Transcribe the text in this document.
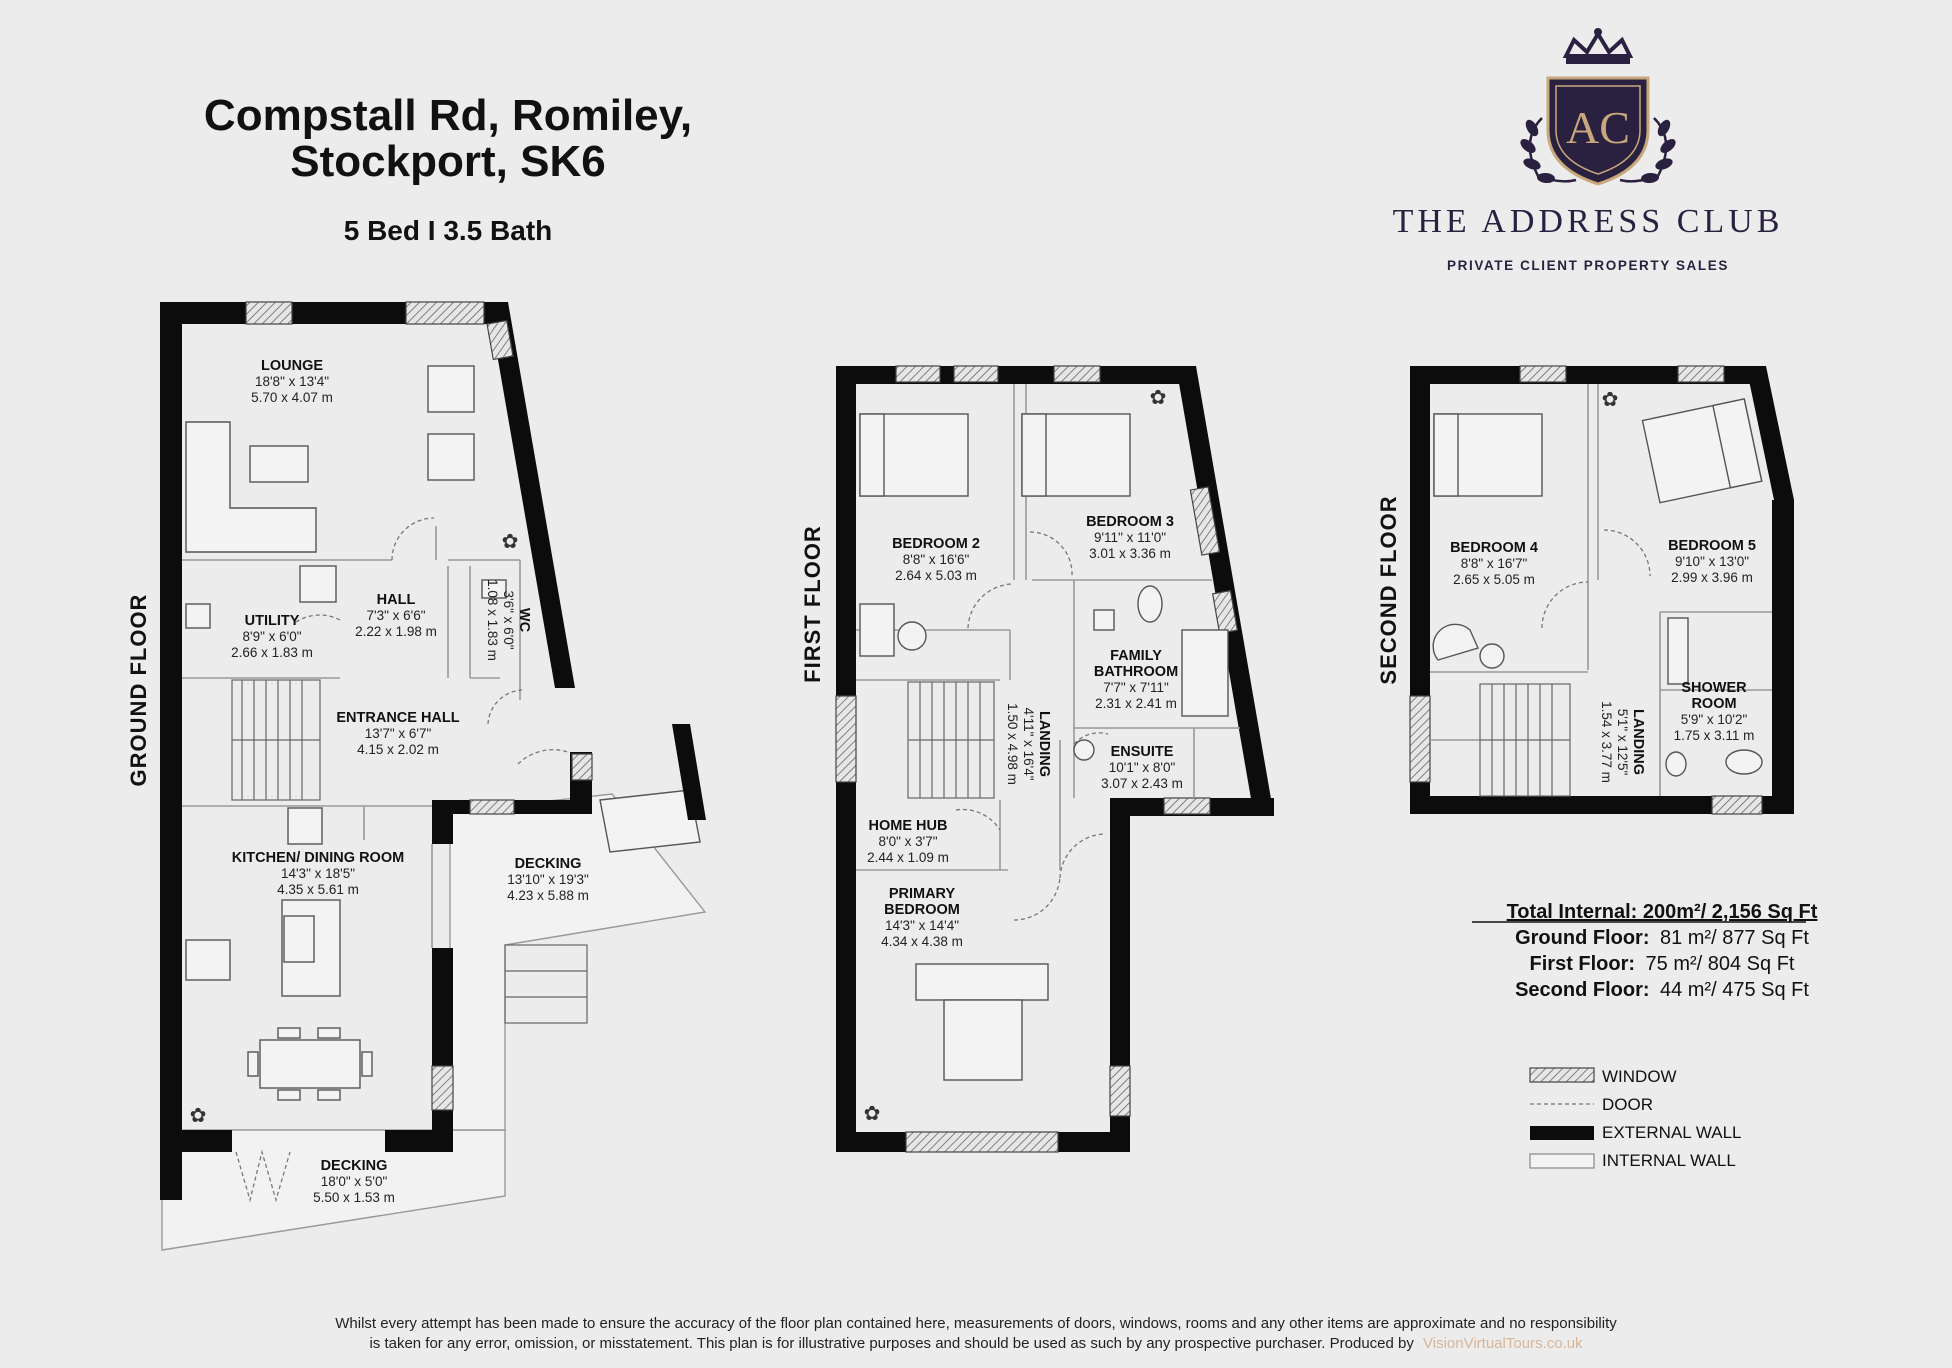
Compstall Rd, Romiley,
Stockport, SK6
5 Bed I 3.5 Bath
AC
THE ADDRESS CLUB
PRIVATE CLIENT PROPERTY SALES
GROUND FLOOR
✿
✿
LOUNGE
18'8" x 13'4"
5.70 x 4.07 m
UTILITY
8'9" x 6'0"
2.66 x 1.83 m
HALL
7'3" x 6'6"
2.22 x 1.98 m	WC
3'6" x 6'0"
1.08 x 1.83 m
ENTRANCE HALL
13'7" x 6'7"
4.15 x 2.02 m
KITCHEN/ DINING ROOM
14'3" x 18'5"
4.35 x 5.61 m
DECKING
13'10" x 19'3"
4.23 x 5.88 m
DECKING
18'0" x 5'0"
5.50 x 1.53 m
FIRST FLOOR
✿
✿
BEDROOM 2
8'8" x 16'6"
2.64 x 5.03 m
BEDROOM 3
9'11" x 11'0"
3.01 x 3.36 m
FAMILY
BATHROOM
7'7" x 7'11"
2.31 x 2.41 m
LANDING
4'11" x 16'4"
1.50 x 4.98 m	ENSUITE
10'1" x 8'0"
3.07 x 2.43 m
HOME HUB
8'0" x 3'7"
2.44 x 1.09 m
PRIMARY
BEDROOM
14'3" x 14'4"
4.34 x 4.38 m
SECOND FLOOR
✿
BEDROOM 4
8'8" x 16'7"
2.65 x 5.05 m
BEDROOM 5
9'10" x 13'0"
2.99 x 3.96 m
SHOWER
ROOM
5'9" x 10'2"
1.75 x 3.11 m
LANDING
5'1" x 12'5"
1.54 x 3.77 m
Total Internal: 200m²/ 2,156 Sq Ft
Ground Floor: 81 m²/ 877 Sq Ft
First Floor: 75 m²/ 804 Sq Ft
Second Floor: 44 m²/ 475 Sq Ft
WINDOW
DOOR
EXTERNAL WALL
INTERNAL WALL
Whilst every attempt has been made to ensure the accuracy of the floor plan contained here, measurements of doors, windows, rooms and any other items are approximate and no responsibility
is taken for any error, omission, or misstatement. This plan is for illustrative purposes and should be used as such by any prospective purchaser. Produced by VisionVirtualTours.co.uk
